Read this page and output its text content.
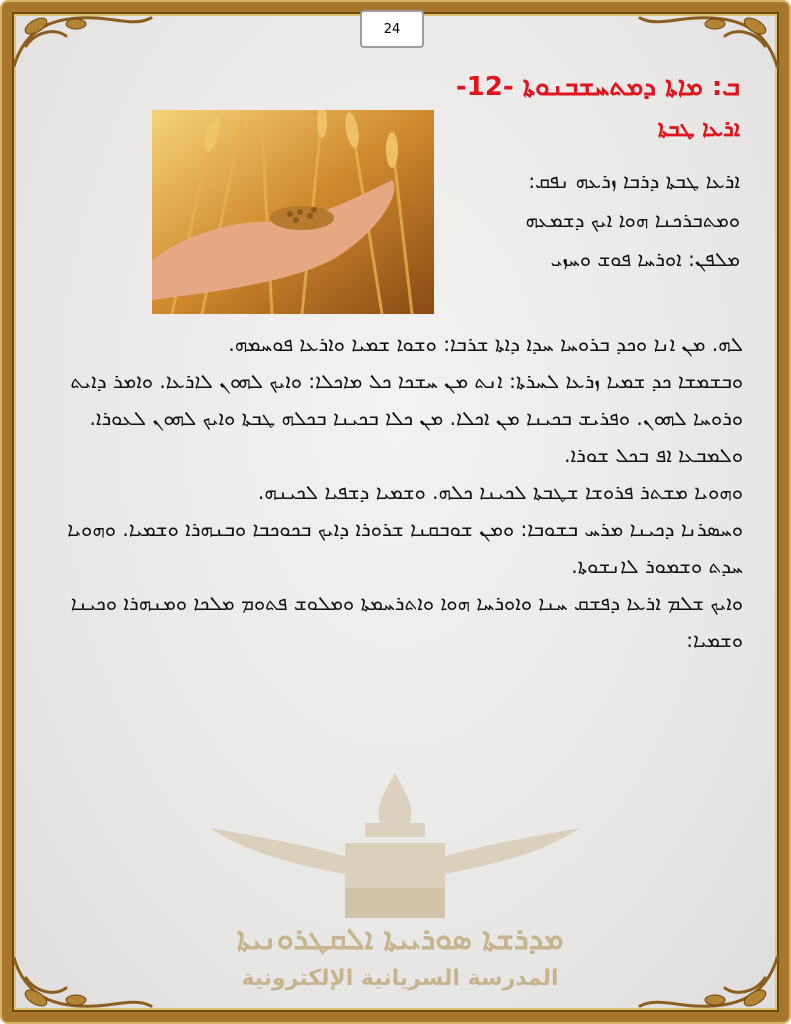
24
ܒ: ܡܐܬܐ ܕܡܬܚܫܒܢܘܬܐ -12-
ܐܪܥܐ ܛܒܬܐ
ܐܪܥܐ ܛܒܬܐ ܕܪܒܐ ܙܪܥܗ ܢܦܩ:
ܘܡܬܒܪܟܢܐ ܗܘܐ ܐܝܟ ܕܫܡܥܗ
ܡܠܦܢ: ܐܘܪܚܐ ܦܘܫ ܘܚܙܝ

ܠܗ. ܡܢ ܐܢܐ ܘܟܕ ܒܪܘܚܐ ܚܕܐ ܕܐܬܐ ܫܪܒܐ: ܘܫܘܐ ܫܡܝܐ ܘܐܪܥܐ ܦܘܚܡܗ.

ܘܒܫܡܫܐ ܟܕ ܫܡܝܐ ܙܪܥܐ ܠܚܪܬܐ: ܐܢܬ ܡܢ ܚܫܟܐ ܟܠ ܡܐܟܠܐ: ܘܐܝܟ ܠܗܘܢ ܠܐܪܥܐ. ܘܐܡܪ ܕܐܝܬ ܘܪܘܚܐ ܠܗܘܢ. ܘܦܪܝܫ ܒܟܝܢܐ ܡܢ ܐܟܠܐ. ܡܢ ܟܠܐ ܒܟܝܢܐ ܒܟܠܗ ܛܒܬܐ ܘܐܝܟ ܠܗܘܢ ܠܥܘܪܐ. ܘܠܡܒܥܐ ܐܦ ܒܟܠ ܫܘܪܐ.

ܘܗܘܝܐ ܡܫܬܪ ܦܪܘܫܐ ܫܛܒܬܐ ܠܟܝܢܐ ܟܠܗ. ܘܫܡܝܐ ܕܫܦܝܐ ܠܟܝܢܗ.

ܘܚܣܪܢܐ ܕܟܝܢܐ ܡܪܚ ܒܫܘܒܐ: ܘܡܢ ܫܘܒܩܢܐ ܫܪܘܪܐ ܕܐܝܟ ܒܟܘܟܒܐ ܘܒܢܗܪܐ ܘܫܡܝܐ. ܘܗܘܝܐ ܚܕܬ ܘܫܡܘܪ ܠܐܢܫܘܬܐ.

ܘܐܝܟ ܫܠܡ ܐܪܥܐ ܕܦܫܩ ܚܢܐ ܘܐܘܪܚܐ ܗܘܐ ܘܐܬܪܚܡܬܐ ܘܡܠܘܫ ܦܬܘܡ ܡܠܟܐ ܘܡܢܗܪܐ ܘܟܝܢܐ ܘܫܡܝܐ:

ܡܕܪܫܬܐ ܣܘܪܝܝܬܐ ܐܠܩܛܪܘܢܝܬܐ
المدرسة السريانية الإلكترونية
